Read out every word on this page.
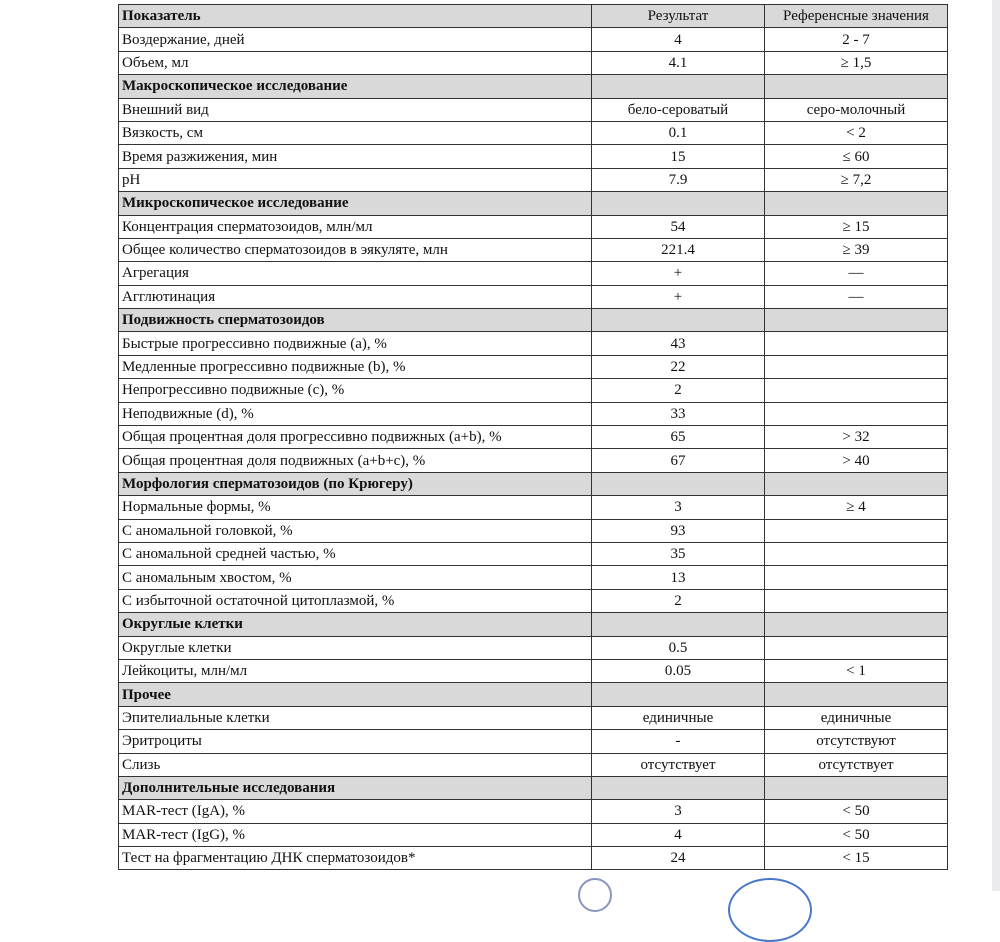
Показатель	Результат	Референсные значения
Воздержание, дней	4	2 - 7
Объем, мл	4.1	≥ 1,5
Макроскопическое исследование		
Внешний вид	бело-сероватый	серо-молочный
Вязкость, см	0.1	< 2
Время разжижения, мин	15	≤ 60
pH	7.9	≥ 7,2
Микроскопическое исследование		
Концентрация сперматозоидов, млн/мл	54	≥ 15
Общее количество сперматозоидов в эякуляте, млн	221.4	≥ 39
Агрегация	+	—
Агглютинация	+	—
Подвижность сперматозоидов		
Быстрые прогрессивно подвижные (a), %	43	
Медленные прогрессивно подвижные (b), %	22	
Непрогрессивно подвижные (c), %	2	
Неподвижные (d), %	33	
Общая процентная доля прогрессивно подвижных (a+b), %	65	> 32
Общая процентная доля подвижных (a+b+c), %	67	> 40
Морфология сперматозоидов (по Крюгеру)		
Нормальные формы, %	3	≥ 4
С аномальной головкой, %	93	
С аномальной средней частью, %	35	
С аномальным хвостом, %	13	
С избыточной остаточной цитоплазмой, %	2	
Округлые клетки		
Округлые клетки	0.5	
Лейкоциты, млн/мл	0.05	< 1
Прочее		
Эпителиальные клетки	единичные	единичные
Эритроциты	-	отсутствуют
Слизь	отсутствует	отсутствует
Дополнительные исследования		
MAR-тест (IgA), %	3	< 50
MAR-тест (IgG), %	4	< 50
Тест на фрагментацию ДНК сперматозоидов*	24	< 15
